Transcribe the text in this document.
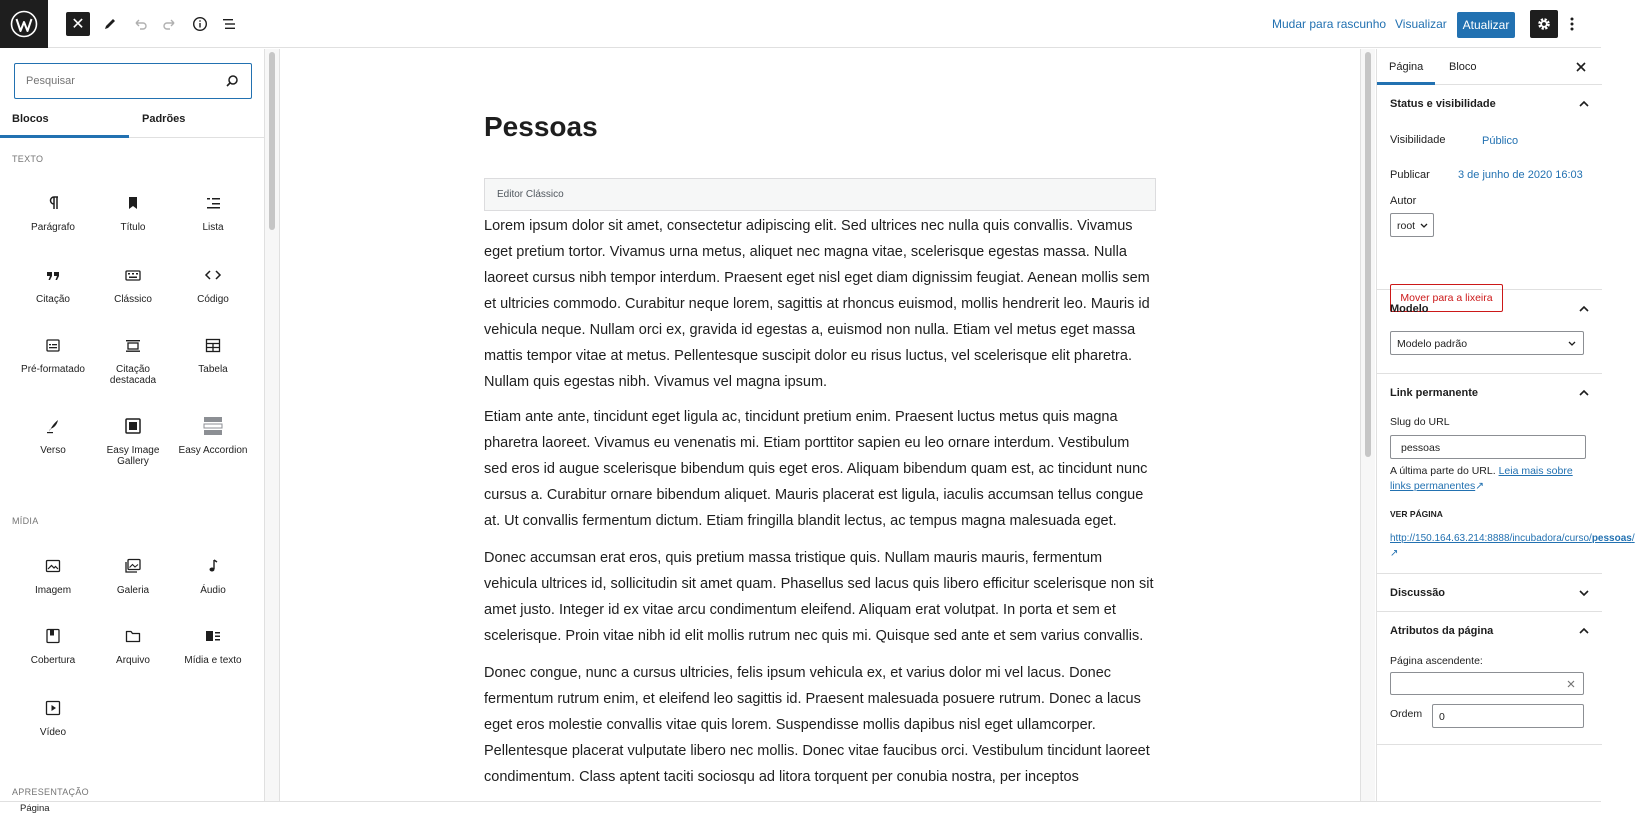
✕	Mudar para rascunho Visualizar	Atualizar
Pesquisar
Blocos	Padrões
TEXTO
Parágrafo	Título	Lista
Citação	Clássico	Código
Pré-formatado	Citação destacada
Tabela
Verso	Easy Image Gallery
Easy Accordion
MÍDIA
Imagem	Galeria	Áudio
Cobertura	Arquivo	Mídia e texto
Vídeo
APRESENTAÇÃO
Pessoas
Editor Clássico

Lorem ipsum dolor sit amet, consectetur adipiscing elit. Sed ultrices nec nulla quis convallis. Vivamus eget pretium tortor. Vivamus urna metus, aliquet nec magna vitae, scelerisque egestas massa. Nulla laoreet cursus nibh tempor interdum. Praesent eget nisl eget diam dignissim feugiat. Aenean mollis sem et ultricies commodo. Curabitur neque lorem, sagittis at rhoncus euismod, mollis hendrerit leo. Mauris id vehicula neque. Nullam orci ex, gravida id egestas a, euismod non nulla. Etiam vel metus eget massa mattis tempor vitae at metus. Pellentesque suscipit dolor eu risus luctus, vel scelerisque elit pharetra. Nullam quis egestas nibh. Vivamus vel magna ipsum.

Etiam ante ante, tincidunt eget ligula ac, tincidunt pretium enim. Praesent luctus metus quis magna pharetra laoreet. Vivamus eu venenatis mi. Etiam porttitor sapien eu leo ornare interdum. Vestibulum sed eros id augue scelerisque bibendum quis eget eros. Aliquam bibendum quam est, ac tincidunt nunc cursus a. Curabitur ornare bibendum aliquet. Mauris placerat est ligula, iaculis accumsan tellus congue at. Ut convallis fermentum dictum. Etiam fringilla blandit lectus, ac tempus magna malesuada eget.

Donec accumsan erat eros, quis pretium massa tristique quis. Nullam mauris mauris, fermentum vehicula ultrices id, sollicitudin sit amet quam. Phasellus sed lacus quis libero efficitur scelerisque non sit amet justo. Integer id ex vitae arcu condimentum eleifend. Aliquam erat volutpat. In porta et sem et scelerisque. Proin vitae nibh id elit mollis rutrum nec quis mi. Quisque sed ante et sem varius convallis.

Donec congue, nunc a cursus ultricies, felis ipsum vehicula ex, et varius dolor mi vel lacus. Donec fermentum rutrum enim, et eleifend leo sagittis id. Praesent malesuada posuere rutrum. Donec a lacus eget eros molestie convallis vitae quis lorem. Suspendisse mollis dapibus nisl eget ullamcorper. Pellentesque placerat vulputate libero nec mollis. Donec vitae faucibus orci. Vestibulum tincidunt laoreet condimentum. Class aptent taciti sociosqu ad litora torquent per conubia nostra, per inceptos

Página Bloco
Status e visibilidade
Visibilidade	Público
Publicar	3 de junho de 2020 16:03
Autor
root
Mover para a lixeira
Modelo
Modelo padrão
Link permanente
Slug do URL
pessoas
A última parte do URL. Leia mais sobre links permanentes↗
VER PÁGINA
http://150.164.63.214:8888/incubadora/curso/pessoas/↗
Discussão
Atributos da página
Página ascendente:
Ordem 0
Página
